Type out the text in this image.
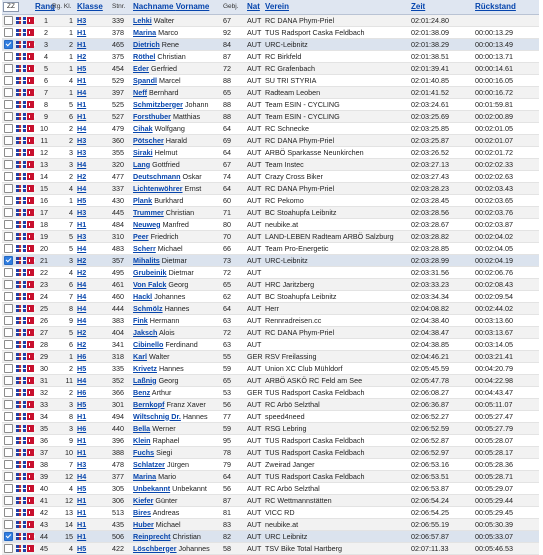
ZZ		Rang	Rg. Kl.	Klasse	Stnr.	Nachname Vorname	Gebj.	Nat	Verein	Zeit	Rückstand
		1	1	H3	339	Lehki Walter	67	AUT	RC DANA Phym-Priel	02:01:24.80	
		2	1	H1	378	Marina Marco	92	AUT	TUS Radsport Caska Feldbach	02:01:38.09	00:00:13.29
		3	2	H1	465	Dietrich Rene	84	AUT	URC-Leibnitz	02:01:38.29	00:00:13.49
		4	1	H2	375	Röthel Christian	87	AUT	RC Birkfeld	02:01:38.51	00:00:13.71
		5	1	H5	454	Eder Gerfried	72	AUT	RC Grafenbach	02:01:39.41	00:00:14.61
		6	4	H1	529	Spandl Marcel	88	AUT	SU TRI STYRIA	02:01:40.85	00:00:16.05
		7	1	H4	397	Neff Bernhard	65	AUT	Radteam Leoben	02:01:41.52	00:00:16.72
		8	5	H1	525	Schmitzberger Johann	88	AUT	Team ESIN - CYCLING	02:03:24.61	00:01:59.81
		9	6	H1	527	Forsthuber Matthias	88	AUT	Team ESIN - CYCLING	02:03:25.69	00:02:00.89
		10	2	H4	479	Cihak Wolfgang	64	AUT	RC Schnecke	02:03:25.85	00:02:01.05
		11	2	H3	360	Pötscher Harald	69	AUT	RC DANA Phym-Priel	02:03:25.87	00:02:01.07
		12	3	H3	355	Siraki Helmut	64	AUT	ARBÖ Sparkasse Neunkirchen	02:03:26.52	00:02:01.72
		13	3	H4	320	Lang Gottfried	67	AUT	Team Instec	02:03:27.13	00:02:02.33
		14	2	H2	477	Deutschmann Oskar	74	AUT	Crazy Cross Biker	02:03:27.43	00:02:02.63
		15	4	H4	337	Lichtenwöhrer Ernst	64	AUT	RC DANA Phym-Priel	02:03:28.23	00:02:03.43
		16	1	H5	430	Plank Burkhard	60	AUT	RC Pekomo	02:03:28.45	00:02:03.65
		17	4	H3	445	Trummer Christian	71	AUT	BC Stoahupfa Leibnitz	02:03:28.56	00:02:03.76
		18	7	H1	484	Neuweg Manfred	80	AUT	neubike.at	02:03:28.67	00:02:03.87
		19	5	H3	310	Peer Friedrich	70	AUT	LAND-LEBEN Radteam ARBÖ Salzburg	02:03:28.82	00:02:04.02
		20	5	H4	483	Scherr Michael	66	AUT	Team Pro-Energetic	02:03:28.85	00:02:04.05
		21	3	H2	357	Mihalits Dietmar	73	AUT	URC-Leibnitz	02:03:28.99	00:02:04.19
		22	4	H2	495	Grubeinik Dietmar	72	AUT		02:03:31.56	00:02:06.76
		23	6	H4	461	Von Falck Georg	65	AUT	HRC Jaritzberg	02:03:33.23	00:02:08.43
		24	7	H4	460	Hackl Johannes	62	AUT	BC Stoahupfa Leibnitz	02:03:34.34	00:02:09.54
		25	8	H4	444	Schmölz Hannes	64	AUT	Herr	02:04:08.82	00:02:44.02
		26	9	H4	383	Fink Hermann	63	AUT	Rennradreisen.cc	02:04:38.40	00:03:13.60
		27	5	H2	404	Jaksch Alois	72	AUT	RC DANA Phym-Priel	02:04:38.47	00:03:13.67
		28	6	H2	341	Cibinello Ferdinand	63	AUT		02:04:38.85	00:03:14.05
		29	1	H6	318	Karl Walter	55	GER	RSV Freilassing	02:04:46.21	00:03:21.41
		30	2	H5	335	Krivetz Hannes	59	AUT	Union XC Club Mühldorf	02:05:45.59	00:04:20.79
		31	11	H4	352	Laßnig Georg	65	AUT	ARBÖ ASKÖ RC Feld am See	02:05:47.78	00:04:22.98
		32	2	H6	366	Benz Arthur	53	GER	TUS Radsport Caska Feldbach	02:06:08.27	00:04:43.47
		33	3	H5	301	Bernkopf Franz Xaver	56	AUT	RC Arbö Selzthal	02:06:36.87	00:05:11.07
		34	8	H1	494	Wiltschnig Dr. Hannes	77	AUT	speed4need	02:06:52.27	00:05:27.47
		35	3	H6	440	Bella Werner	59	AUT	RSG Lebring	02:06:52.59	00:05:27.79
		36	9	H1	396	Klein Raphael	95	AUT	TUS Radsport Caska Feldbach	02:06:52.87	00:05:28.07
		37	10	H1	388	Fuchs Siegi	78	AUT	TUS Radsport Caska Feldbach	02:06:52.97	00:05:28.17
		38	7	H3	478	Schlatzer Jürgen	79	AUT	Zweirad Janger	02:06:53.16	00:05:28.36
		39	12	H4	377	Marina Mario	64	AUT	TUS Radsport Caska Feldbach	02:06:53.51	00:05:28.71
		40	4	H5	305	Unbekannt Unbekannt	56	AUT	RC Arbö Selzthal	02:06:53.87	00:05:29.07
		41	12	H1	306	Kiefer Günter	87	AUT	RC Wettmannstätten	02:06:54.24	00:05:29.44
		42	13	H1	513	Bires Andreas	81	AUT	VICC RD	02:06:54.25	00:05:29.45
		43	14	H1	435	Huber Michael	83	AUT	neubike.at	02:06:55.19	00:05:30.39
		44	15	H1	506	Reinprecht Christian	82	AUT	URC Leibnitz	02:06:57.87	00:05:33.07
		45	4	H5	422	Löschberger Johannes	58	AUT	TSV Bike Total Hartberg	02:07:11.33	00:05:46.53
